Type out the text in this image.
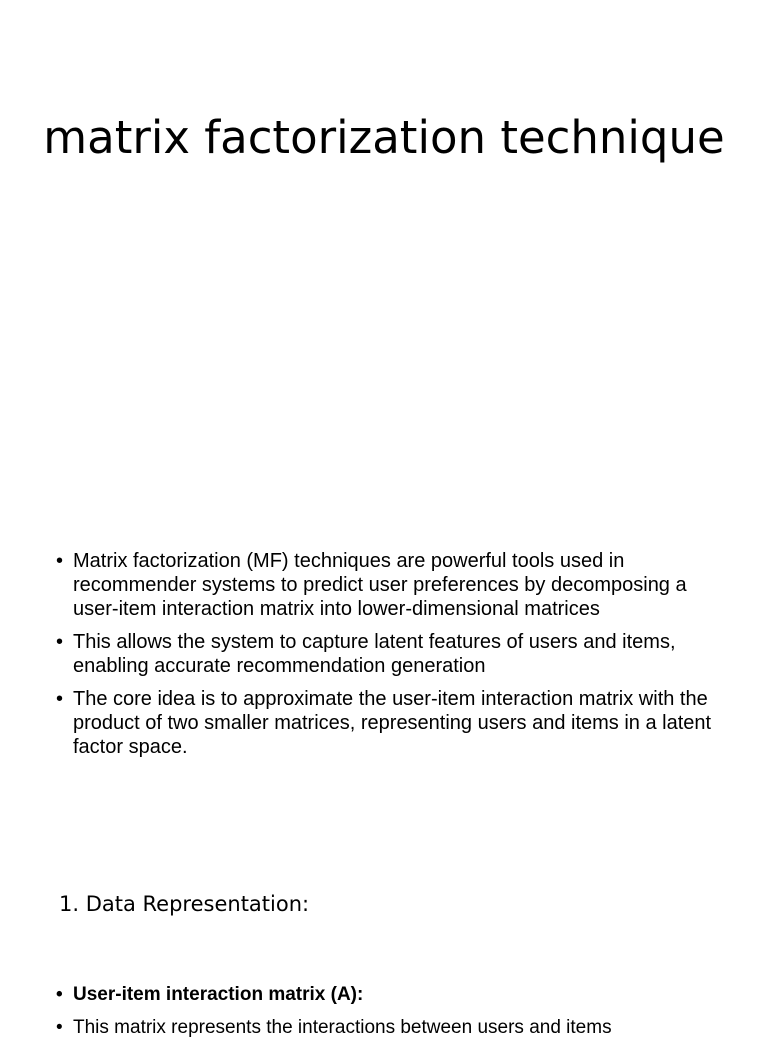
matrix factorization technique
• Matrix factorization (MF) techniques are powerful tools used in recommender systems to predict user preferences by decomposing a user-item interaction matrix into lower-dimensional matrices
• This allows the system to capture latent features of users and items, enabling accurate recommendation generation
• The core idea is to approximate the user-item interaction matrix with the product of two smaller matrices, representing users and items in a latent factor space.
1. Data Representation:
• User-item interaction matrix (A):
• This matrix represents the interactions between users and items
